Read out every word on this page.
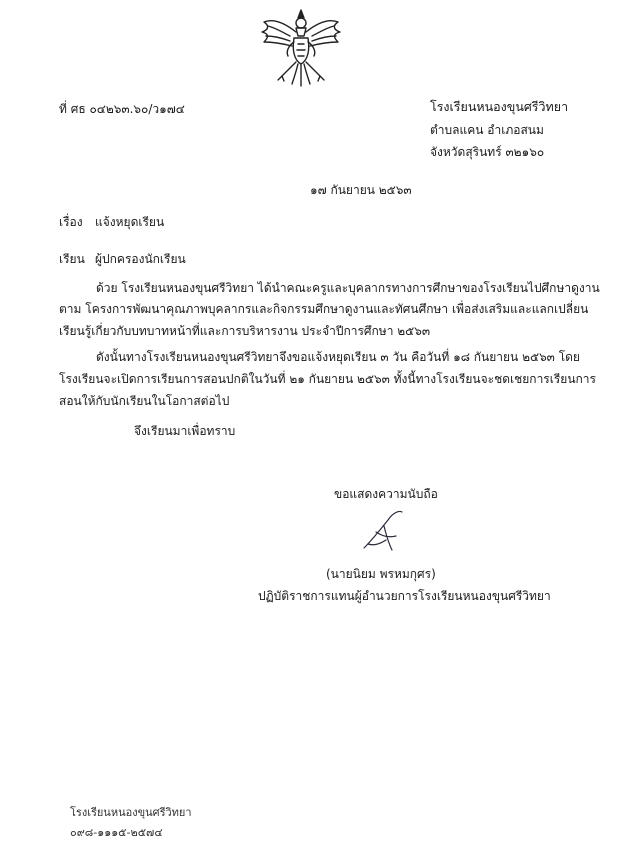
ที่ ศธ ๐๔๒๖๓.๖๐/ว๑๗๔	โรงเรียนหนองขุนศรีวิทยา
ตำบลแคน อำเภอสนม
จังหวัดสุรินทร์ ๓๒๑๖๐
๑๗ กันยายน ๒๕๖๓
เรื่อง แจ้งหยุดเรียน
เรียน ผู้ปกครองนักเรียน
ด้วย โรงเรียนหนองขุนศรีวิทยา ได้นำคณะครูและบุคลากรทางการศึกษาของโรงเรียนไปศึกษาดูงาน
ตาม โครงการพัฒนาคุณภาพบุคลากรและกิจกรรมศึกษาดูงานและทัศนศึกษา เพื่อส่งเสริมและแลกเปลี่ยน
เรียนรู้เกี่ยวกับบทบาทหน้าที่และการบริหารงาน ประจำปีการศึกษา ๒๕๖๓
ดังนั้นทางโรงเรียนหนองขุนศรีวิทยาจึงขอแจ้งหยุดเรียน ๓ วัน คือวันที่ ๑๘ กันยายน ๒๕๖๓ โดย
โรงเรียนจะเปิดการเรียนการสอนปกติในวันที่ ๒๑ กันยายน ๒๕๖๓ ทั้งนี้ทางโรงเรียนจะชดเชยการเรียนการ
สอนให้กับนักเรียนในโอกาสต่อไป
จึงเรียนมาเพื่อทราบ
ขอแสดงความนับถือ
(นายนิยม พรหมกุศร)
ปฏิบัติราชการแทนผู้อำนวยการโรงเรียนหนองขุนศรีวิทยา
โรงเรียนหนองขุนศรีวิทยา
๐๙๘-๑๑๑๕-๒๕๗๔
